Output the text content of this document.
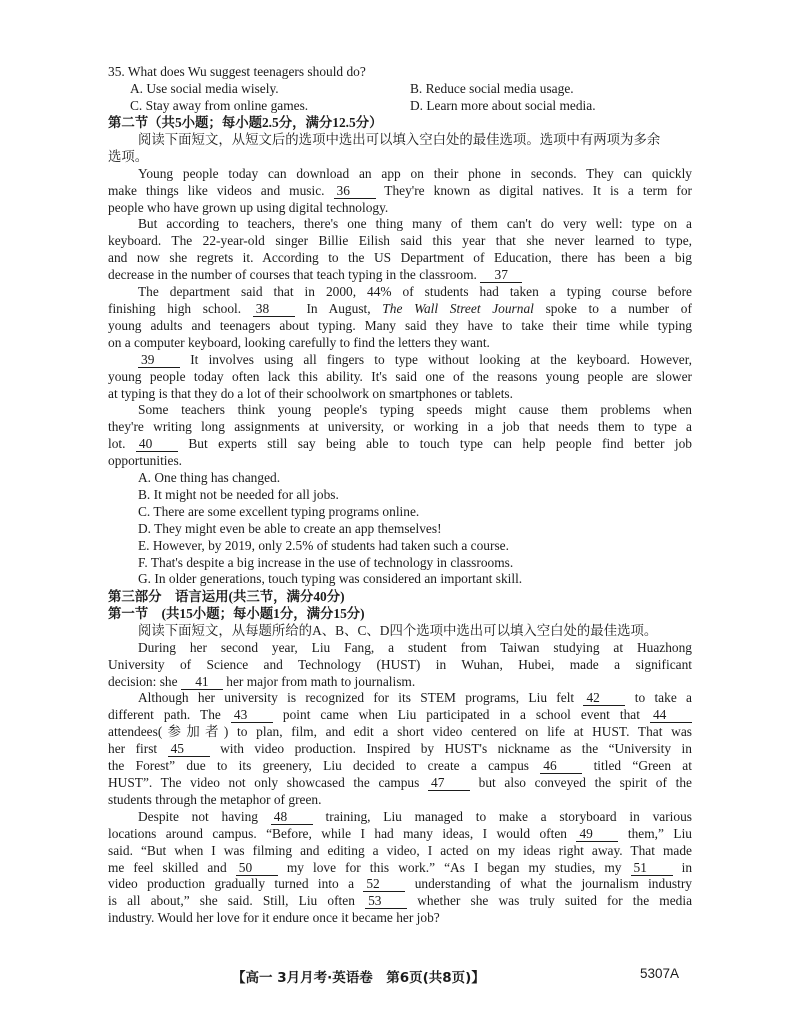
35. What does Wu suggest teenagers should do?
A. Use social media wisely.	B. Reduce social media usage.
C. Stay away from online games.	D. Learn more about social media.
第二节（共5小题；每小题2.5分，满分12.5分）
阅读下面短文，从短文后的选项中选出可以填入空白处的最佳选项。选项中有两项为多余
选项。
Young people today can download an app on their phone in seconds. They can quickly
make things like videos and music. 36	They're known as digital natives. It is a term for
people who have grown up using digital technology.
But according to teachers, there's one thing many of them can't do very well: type on a
keyboard. The 22-year-old singer Billie Eilish said this year that she never learned to type,
and now she regrets it. According to the US Department of Education, there has been a big
decrease in the number of courses that teach typing in the classroom. 37
The department said that in 2000, 44% of students had taken a typing course before
finishing high school. 38	In August, The Wall Street Journal spoke to a number of
young adults and teenagers about typing. Many said they have to take their time while typing
on a computer keyboard, looking carefully to find the letters they want.
39	It involves using all fingers to type without looking at the keyboard. However,
young people today often lack this ability. It's said one of the reasons young people are slower
at typing is that they do a lot of their schoolwork on smartphones or tablets.
Some teachers think young people's typing speeds might cause them problems when
they're writing long assignments at university, or working in a job that needs them to type a
lot. 40	But experts still say being able to touch type can help people find better job
opportunities.
A. One thing has changed.
B. It might not be needed for all jobs.
C. There are some excellent typing programs online.
D. They might even be able to create an app themselves!
E. However, by 2019, only 2.5% of students had taken such a course.
F. That's despite a big increase in the use of technology in classrooms.
G. In older generations, touch typing was considered an important skill.
第三部分　语言运用(共三节，满分40分)
第一节　(共15小题；每小题1分，满分15分)
阅读下面短文，从每题所给的A、B、C、D四个选项中选出可以填入空白处的最佳选项。
During her second year, Liu Fang, a student from Taiwan studying at Huazhong
University of Science and Technology (HUST) in Wuhan, Hubei, made a significant
decision: she 41 her major from math to journalism.
Although her university is recognized for its STEM programs, Liu felt 42	to take a
different path. The 43	point came when Liu participated in a school event that 44
attendees(参加者) to plan, film, and edit a short video centered on life at HUST. That was
her first 45	with video production. Inspired by HUST's nickname as the “University in
the Forest” due to its greenery, Liu decided to create a campus 46	titled “Green at
HUST”. The video not only showcased the campus 47	but also conveyed the spirit of the
students through the metaphor of green.
Despite not having 48	training, Liu managed to make a storyboard in various
locations around campus. “Before, while I had many ideas, I would often 49	them,” Liu
said. “But when I was filming and editing a video, I acted on my ideas right away. That made
me feel skilled and 50	my love for this work.” “As I began my studies, my 51	in
video production gradually turned into a 52	understanding of what the journalism industry
is all about,” she said. Still, Liu often 53	whether she was truly suited for the media
industry. Would her love for it endure once it became her job?
【高一 3月月考·英语卷　第6页(共8页)】	5307A
